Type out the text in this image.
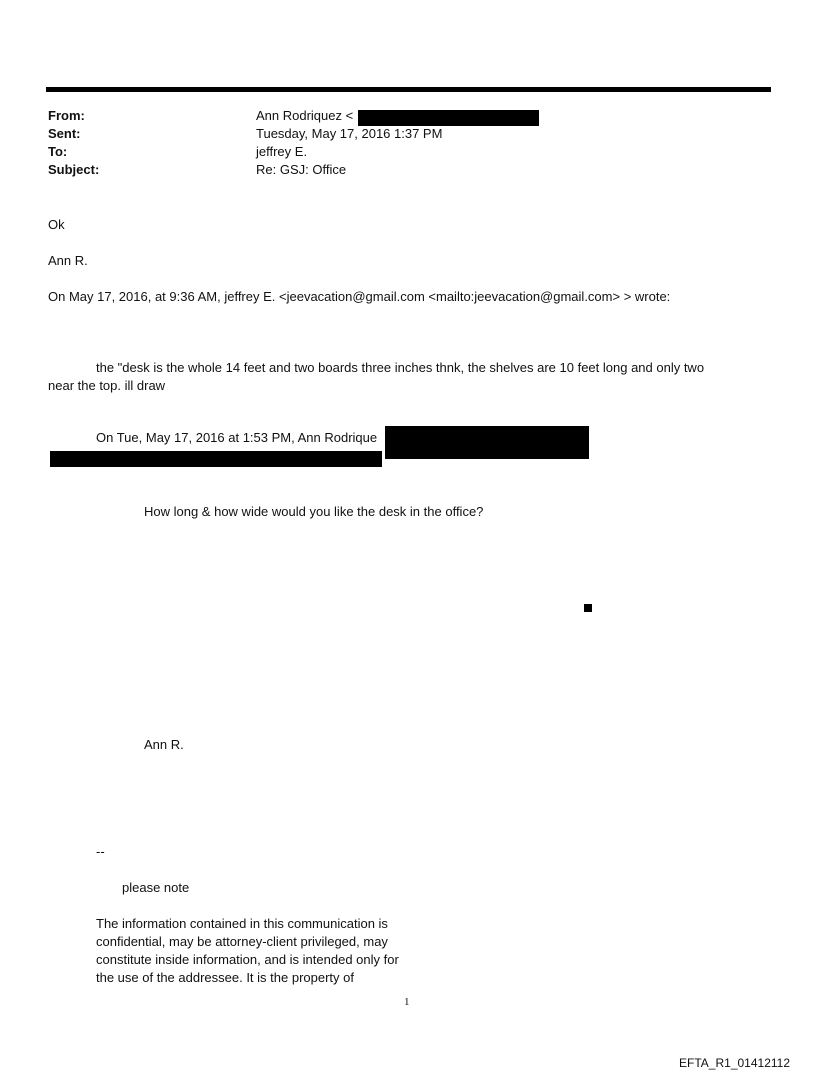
From:	Ann Rodriquez <
Sent:	Tuesday, May 17, 2016 1:37 PM
To:	jeffrey E.
Subject:	Re: GSJ: Office
Ok
Ann R.
On May 17, 2016, at 9:36 AM, jeffrey E. <jeevacation@gmail.com <mailto:jeevacation@gmail.com> > wrote:
the "desk is the whole 14 feet and two boards three inches thnk, the shelves are 10 feet long and only two
near the top. ill draw
On Tue, May 17, 2016 at 1:53 PM, Ann Rodrique
How long & how wide would you like the desk in the office?
Ann R.
--
please note
The information contained in this communication is
confidential, may be attorney-client privileged, may
constitute inside information, and is intended only for
the use of the addressee. It is the property of
1
EFTA_R1_01412112
